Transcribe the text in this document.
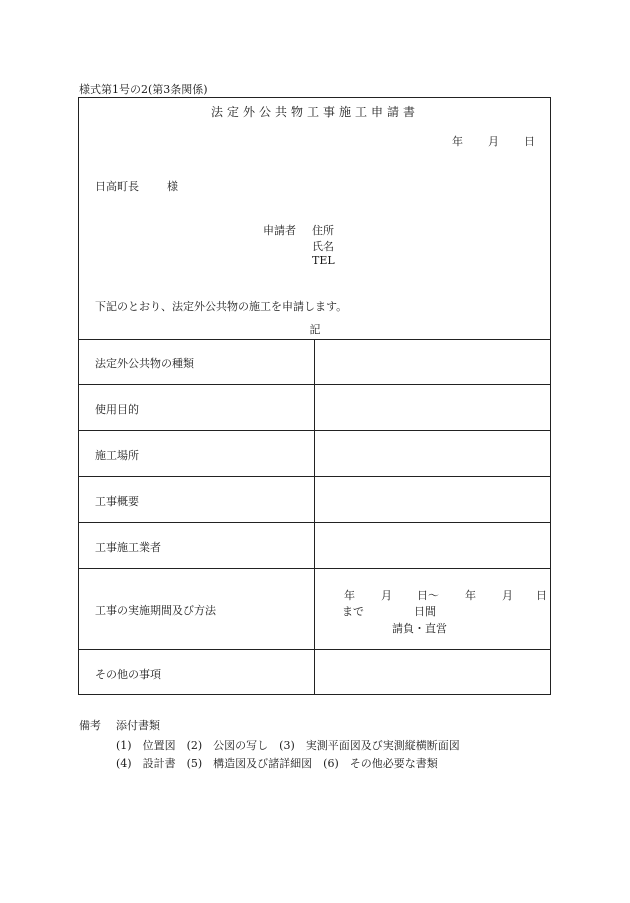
様式第1号の2(第3条関係)
法定外公共物工事施工申請書
年 月 日
日高町長	様
申請者 住所
氏名
TEL
下記のとおり、法定外公共物の施工を申請します。
記
法定外公共物の種類
使用目的
施工場所
工事概要
工事施工業者
工事の実施期間及び方法
その他の事項
年 月 日～ 年 月 日
まで	日間
請負・直営
備考 添付書類
(1)　位置図　(2)　公図の写し　(3)　実測平面図及び実測縦横断面図
(4)　設計書　(5)　構造図及び諸詳細図　(6)　その他必要な書類
